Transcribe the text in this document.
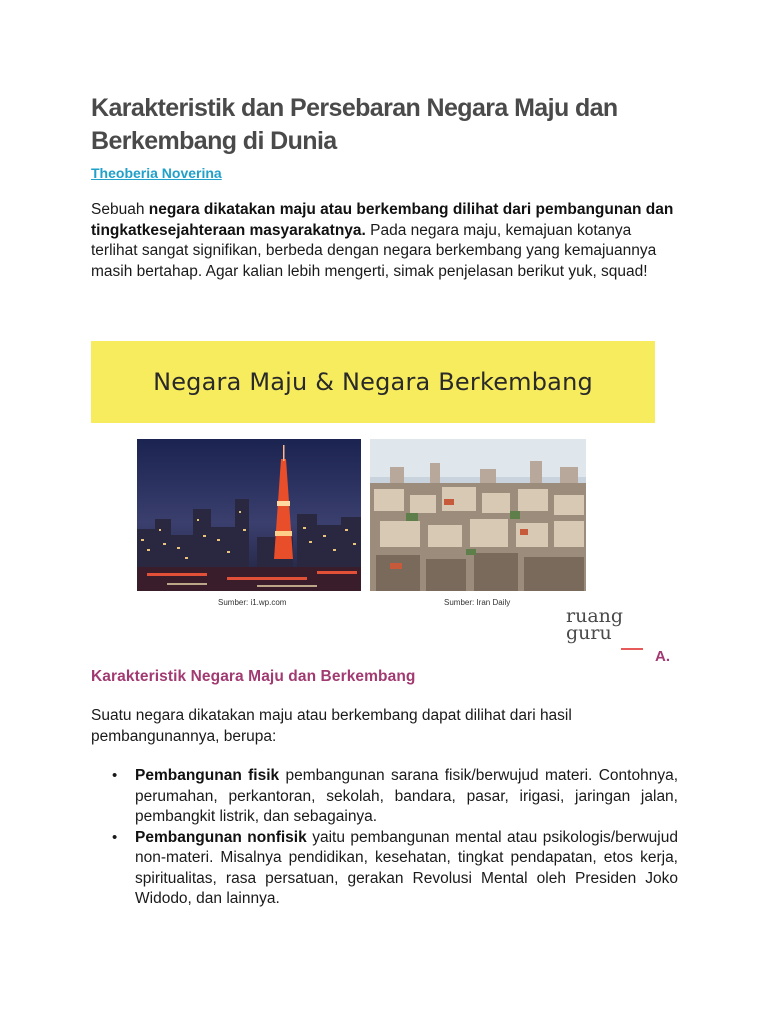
Karakteristik dan Persebaran Negara Maju dan Berkembang di Dunia
Theoberia Noverina

Sebuah negara dikatakan maju atau berkembang dilihat dari pembangunan dan tingkatkesejahteraan masyarakatnya. Pada negara maju, kemajuan kotanya terlihat sangat signifikan, berbeda dengan negara berkembang yang kemajuannya masih bertahap. Agar kalian lebih mengerti, simak penjelasan berikut yuk, squad!

Negara Maju & Negara Berkembang
Sumber: i1.wp.com	Sumber: Iran Daily
ruang
guru
A.
Karakteristik Negara Maju dan Berkembang

Suatu negara dikatakan maju atau berkembang dapat dilihat dari hasil pembangunannya, berupa:

• Pembangunan fisik pembangunan sarana fisik/berwujud materi. Contohnya, perumahan, perkantoran, sekolah, bandara, pasar, irigasi, jaringan jalan, pembangkit listrik, dan sebagainya.
• Pembangunan nonfisik yaitu pembangunan mental atau psikologis/berwujud non-materi. Misalnya pendidikan, kesehatan, tingkat pendapatan, etos kerja, spiritualitas, rasa persatuan, gerakan Revolusi Mental oleh Presiden Joko Widodo, dan lainnya.
